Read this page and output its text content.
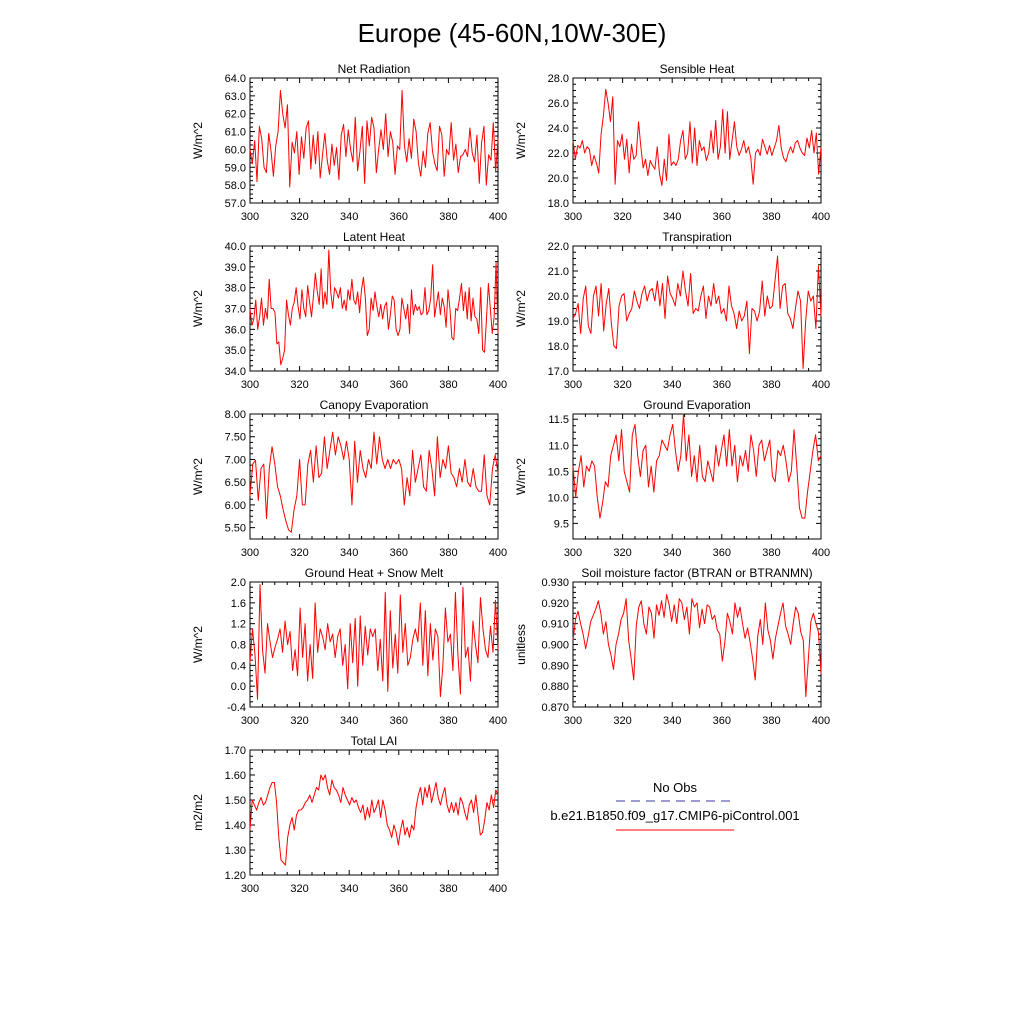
Europe (45-60N,10W-30E)
Net Radiation
W/m^2
300	320	340	360	380	400
57.0
58.0
59.0
60.0
61.0
62.0
63.0
64.0
Sensible Heat
W/m^2
300	320	340	360	380	400
18.0
20.0
22.0
24.0
26.0
28.0
Latent Heat
W/m^2
300	320	340	360	380	400
34.0
35.0
36.0
37.0
38.0
39.0
40.0
Transpiration
W/m^2
300	320	340	360	380	400
17.0
18.0
19.0
20.0
21.0
22.0
Canopy Evaporation
W/m^2
300	320	340	360	380	400
5.50
6.00
6.50
7.00
7.50
8.00
Ground Evaporation
W/m^2
300	320	340	360	380	400
9.5
10.0
10.5
11.0
11.5
Ground Heat + Snow Melt
W/m^2
300	320	340	360	380	400
-0.4
0.0
0.4
0.8
1.2
1.6
2.0
Soil moisture factor (BTRAN or BTRANMN)
unitless
300	320	340	360	380	400
0.870
0.880
0.890
0.900
0.910
0.920
0.930
Total LAI
m2/m2
300	320	340	360	380	400
1.20
1.30
1.40
1.50
1.60
1.70
No Obs
b.e21.B1850.f09_g17.CMIP6-piControl.001
